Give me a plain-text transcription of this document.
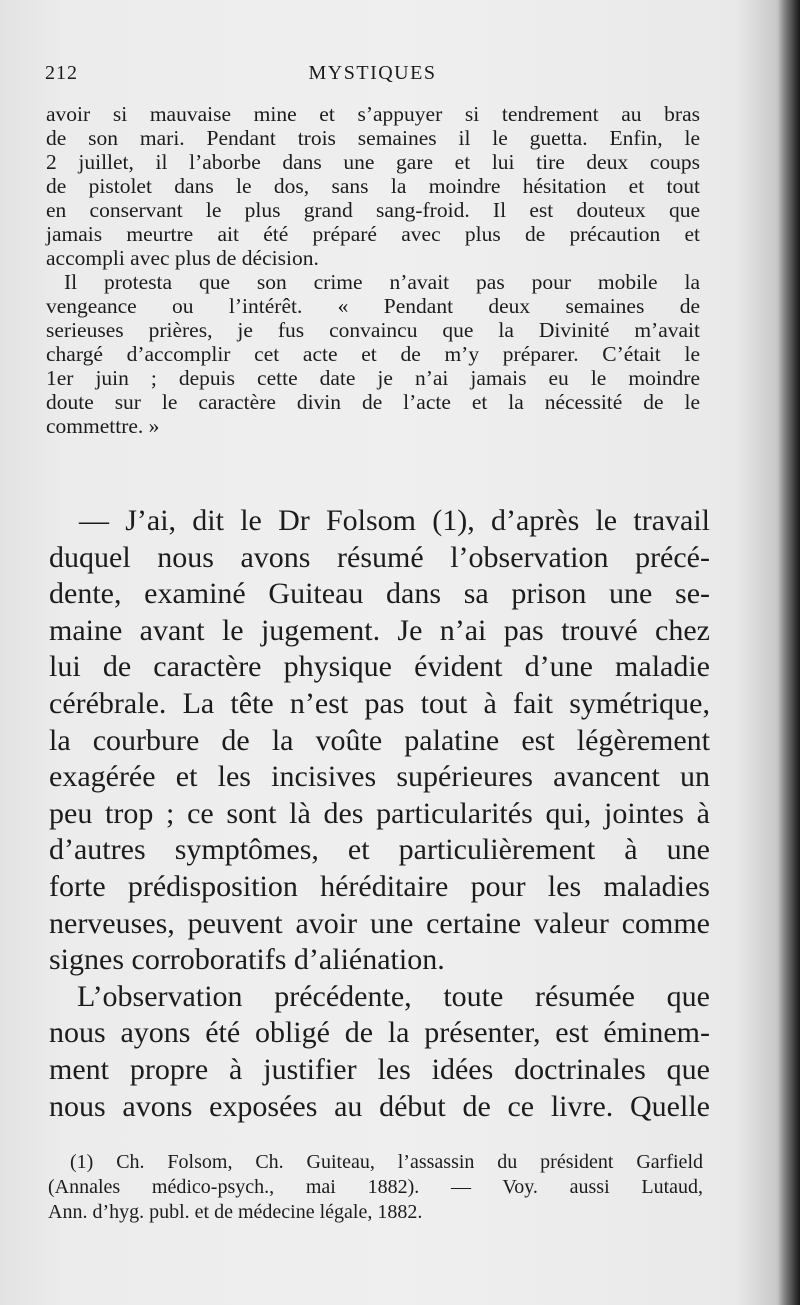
212	MYSTIQUES
avoir si mauvaise mine et s’appuyer si tendrement au bras
de son mari. Pendant trois semaines il le guetta. Enfin, le
2 juillet, il l’aborbe dans une gare et lui tire deux coups
de pistolet dans le dos, sans la moindre hésitation et tout
en conservant le plus grand sang-froid. Il est douteux que
jamais meurtre ait été préparé avec plus de précaution et
accompli avec plus de décision.
Il protesta que son crime n’avait pas pour mobile la
vengeance ou l’intérêt. « Pendant deux semaines de
serieuses prières, je fus convaincu que la Divinité m’avait
chargé d’accomplir cet acte et de m’y préparer. C’était le
1er juin ; depuis cette date je n’ai jamais eu le moindre
doute sur le caractère divin de l’acte et la nécessité de le
commettre. »
— J’ai, dit le Dr Folsom (1), d’après le travail
duquel nous avons résumé l’observation précé-
dente, examiné Guiteau dans sa prison une se-
maine avant le jugement. Je n’ai pas trouvé chez
lui de caractère physique évident d’une maladie
cérébrale. La tête n’est pas tout à fait symétrique,
la courbure de la voûte palatine est légèrement
exagérée et les incisives supérieures avancent un
peu trop ; ce sont là des particularités qui, jointes à
d’autres symptômes, et particulièrement à une
forte prédisposition héréditaire pour les maladies
nerveuses, peuvent avoir une certaine valeur comme
signes corroboratifs d’aliénation.
L’observation précédente, toute résumée que
nous ayons été obligé de la présenter, est éminem-
ment propre à justifier les idées doctrinales que
nous avons exposées au début de ce livre. Quelle
(1) Ch. Folsom, Ch. Guiteau, l’assassin du président Garfield
(Annales médico-psych., mai 1882). — Voy. aussi Lutaud,
Ann. d’hyg. publ. et de médecine légale, 1882.
